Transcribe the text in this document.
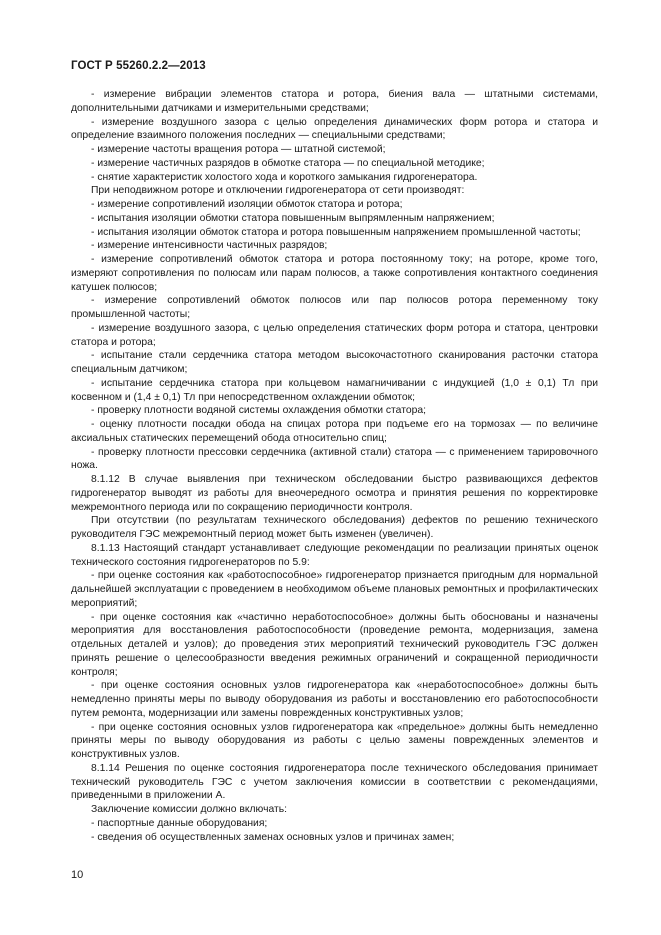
ГОСТ Р 55260.2.2—2013

- измерение вибрации элементов статора и ротора, биения вала — штатными системами, дополнительными датчиками и измерительными средствами;

- измерение воздушного зазора с целью определения динамических форм ротора и статора и определение взаимного положения последних — специальными средствами;

- измерение частоты вращения ротора — штатной системой;

- измерение частичных разрядов в обмотке статора — по специальной методике;

- снятие характеристик холостого хода и короткого замыкания гидрогенератора.

При неподвижном роторе и отключении гидрогенератора от сети производят:

- измерение сопротивлений изоляции обмоток статора и ротора;

- испытания изоляции обмотки статора повышенным выпрямленным напряжением;

- испытания изоляции обмоток статора и ротора повышенным напряжением промышленной частоты;

- измерение интенсивности частичных разрядов;

- измерение сопротивлений обмоток статора и ротора постоянному току; на роторе, кроме того, измеряют сопротивления по полюсам или парам полюсов, а также сопротивления контактного соединения катушек полюсов;

- измерение сопротивлений обмоток полюсов или пар полюсов ротора переменному току промышленной частоты;

- измерение воздушного зазора, с целью определения статических форм ротора и статора, центровки статора и ротора;

- испытание стали сердечника статора методом высокочастотного сканирования расточки статора специальным датчиком;

- испытание сердечника статора при кольцевом намагничивании с индукцией (1,0 ± 0,1) Тл при косвенном и (1,4 ± 0,1) Тл при непосредственном охлаждении обмоток;

- проверку плотности водяной системы охлаждения обмотки статора;

- оценку плотности посадки обода на спицах ротора при подъеме его на тормозах — по величине аксиальных статических перемещений обода относительно спиц;

- проверку плотности прессовки сердечника (активной стали) статора — с применением тарировочного ножа.

8.1.12 В случае выявления при техническом обследовании быстро развивающихся дефектов гидрогенератор выводят из работы для внеочередного осмотра и принятия решения по корректировке межремонтного периода или по сокращению периодичности контроля.

При отсутствии (по результатам технического обследования) дефектов по решению технического руководителя ГЭС межремонтный период может быть изменен (увеличен).

8.1.13 Настоящий стандарт устанавливает следующие рекомендации по реализации принятых оценок технического состояния гидрогенераторов по 5.9:

- при оценке состояния как «работоспособное» гидрогенератор признается пригодным для нормальной дальнейшей эксплуатации с проведением в необходимом объеме плановых ремонтных и профилактических мероприятий;

- при оценке состояния как «частично неработоспособное» должны быть обоснованы и назначены мероприятия для восстановления работоспособности (проведение ремонта, модернизация, замена отдельных деталей и узлов); до проведения этих мероприятий технический руководитель ГЭС должен принять решение о целесообразности введения режимных ограничений и сокращенной периодичности контроля;

- при оценке состояния основных узлов гидрогенератора как «неработоспособное» должны быть немедленно приняты меры по выводу оборудования из работы и восстановлению его работоспособности путем ремонта, модернизации или замены поврежденных конструктивных узлов;

- при оценке состояния основных узлов гидрогенератора как «предельное» должны быть немедленно приняты меры по выводу оборудования из работы с целью замены поврежденных элементов и конструктивных узлов.

8.1.14 Решения по оценке состояния гидрогенератора после технического обследования принимает технический руководитель ГЭС с учетом заключения комиссии в соответствии с рекомендациями, приведенными в приложении А.

Заключение комиссии должно включать:

- паспортные данные оборудования;

- сведения об осуществленных заменах основных узлов и причинах замен;

10
